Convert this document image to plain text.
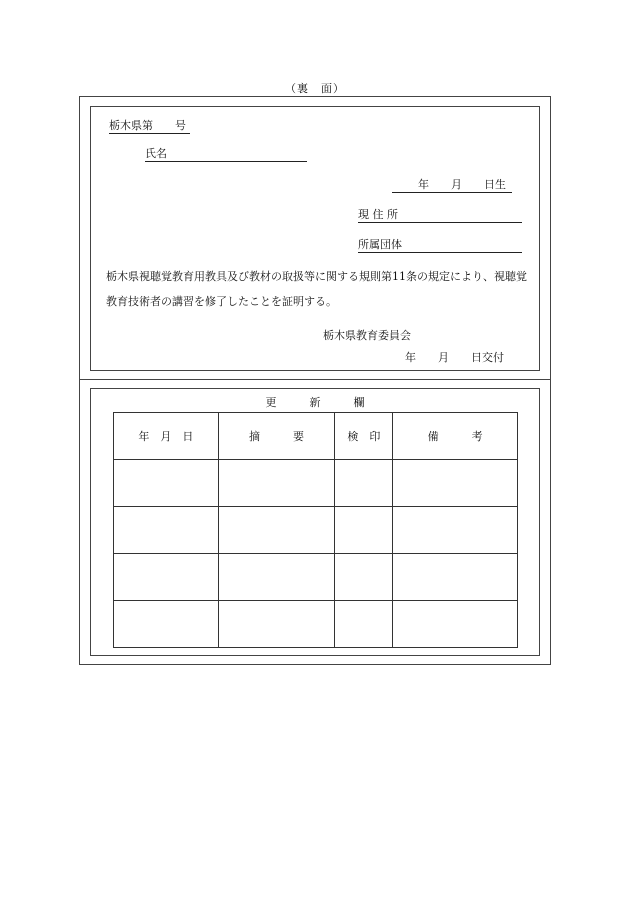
（裏　面）
栃木県第　　号
氏名
年　　月　　日生
現 住 所
所属団体
栃木県視聴覚教育用教具及び教材の取扱等に関する規則第11条の規定により、視聴覚教育技術者の講習を修了したことを証明する。
栃木県教育委員会
年　　月　　日交付
更　　　新　　　欄
年　月　日	摘　　　要	検　印	備　　　考
